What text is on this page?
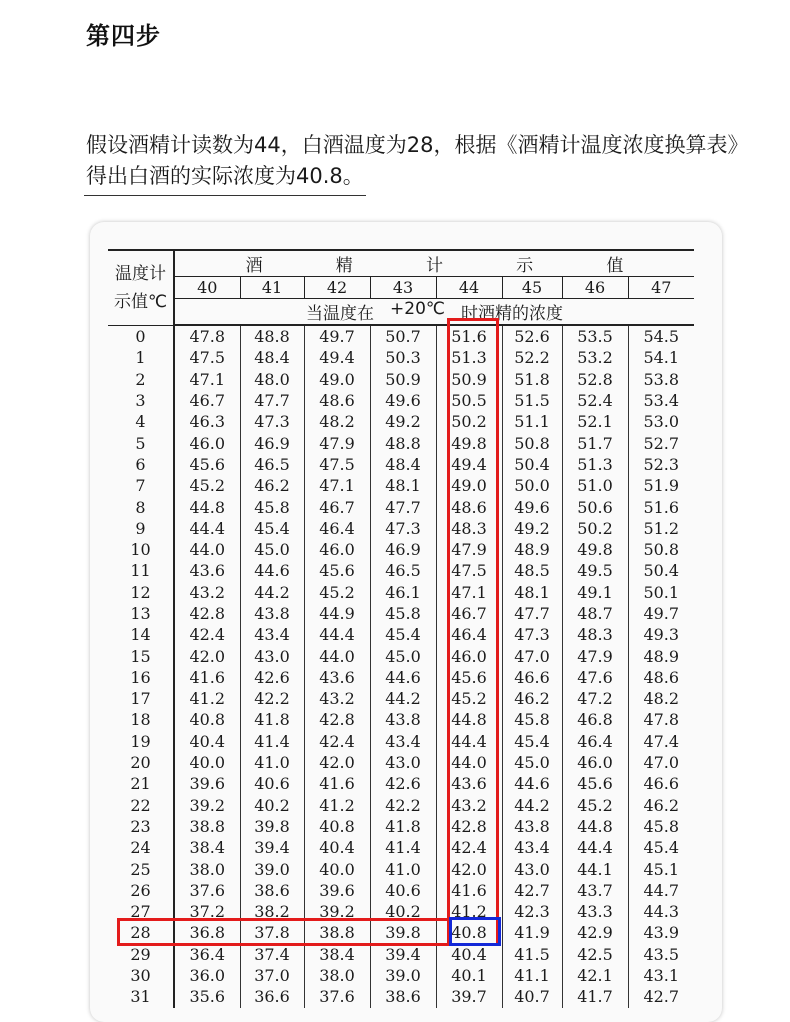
第四步
假设酒精计读数为44，白酒温度为28，根据《酒精计温度浓度换算表》得出白酒的实际浓度为40.8。
温度计示值℃	酒 精 计 示 值							

	40	41	42	43	44	45	46	47

	当温度在 +20℃ 时酒精的浓度							

0	47.8	48.8	49.7	50.7	51.6	52.6	53.5	54.5
1	47.5	48.4	49.4	50.3	51.3	52.2	53.2	54.1
2	47.1	48.0	49.0	50.9	50.9	51.8	52.8	53.8
3	46.7	47.7	48.6	49.6	50.5	51.5	52.4	53.4
4	46.3	47.3	48.2	49.2	50.2	51.1	52.1	53.0
5	46.0	46.9	47.9	48.8	49.8	50.8	51.7	52.7
6	45.6	46.5	47.5	48.4	49.4	50.4	51.3	52.3
7	45.2	46.2	47.1	48.1	49.0	50.0	51.0	51.9
8	44.8	45.8	46.7	47.7	48.6	49.6	50.6	51.6
9	44.4	45.4	46.4	47.3	48.3	49.2	50.2	51.2
10	44.0	45.0	46.0	46.9	47.9	48.9	49.8	50.8
11	43.6	44.6	45.6	46.5	47.5	48.5	49.5	50.4
12	43.2	44.2	45.2	46.1	47.1	48.1	49.1	50.1
13	42.8	43.8	44.9	45.8	46.7	47.7	48.7	49.7
14	42.4	43.4	44.4	45.4	46.4	47.3	48.3	49.3
15	42.0	43.0	44.0	45.0	46.0	47.0	47.9	48.9
16	41.6	42.6	43.6	44.6	45.6	46.6	47.6	48.6
17	41.2	42.2	43.2	44.2	45.2	46.2	47.2	48.2
18	40.8	41.8	42.8	43.8	44.8	45.8	46.8	47.8
19	40.4	41.4	42.4	43.4	44.4	45.4	46.4	47.4
20	40.0	41.0	42.0	43.0	44.0	45.0	46.0	47.0
21	39.6	40.6	41.6	42.6	43.6	44.6	45.6	46.6
22	39.2	40.2	41.2	42.2	43.2	44.2	45.2	46.2
23	38.8	39.8	40.8	41.8	42.8	43.8	44.8	45.8
24	38.4	39.4	40.4	41.4	42.4	43.4	44.4	45.4
25	38.0	39.0	40.0	41.0	42.0	43.0	44.1	45.1
26	37.6	38.6	39.6	40.6	41.6	42.7	43.7	44.7
27	37.2	38.2	39.2	40.2	41.2	42.3	43.3	44.3
28	36.8	37.8	38.8	39.8	40.8	41.9	42.9	43.9
29	36.4	37.4	38.4	39.4	40.4	41.5	42.5	43.5
30	36.0	37.0	38.0	39.0	40.1	41.1	42.1	43.1
31	35.6	36.6	37.6	38.6	39.7	40.7	41.7	42.7
